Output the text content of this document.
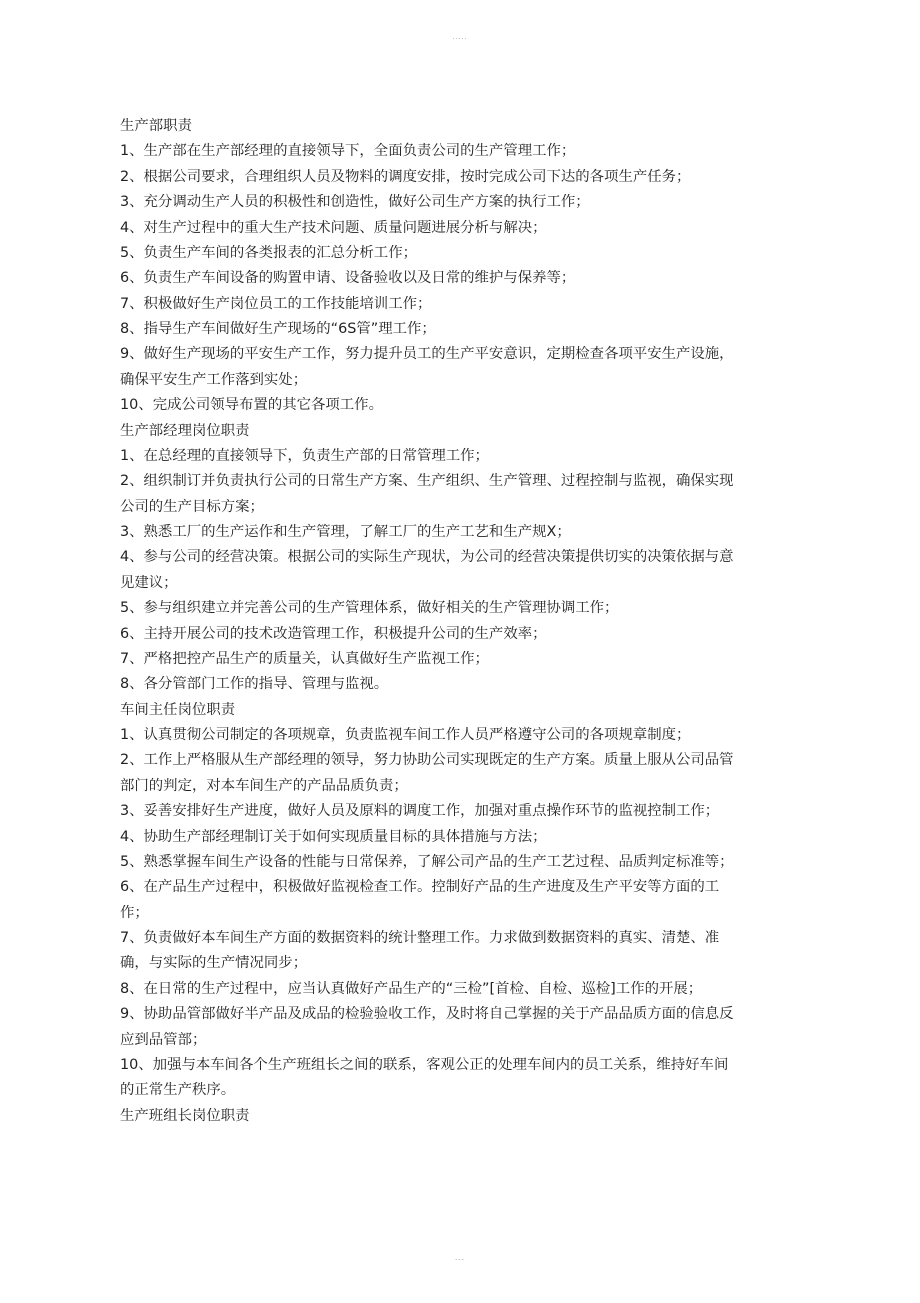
.....

生产部职责

1、生产部在生产部经理的直接领导下，全面负责公司的生产管理工作；

2、根据公司要求，合理组织人员及物料的调度安排，按时完成公司下达的各项生产任务；

3、充分调动生产人员的积极性和创造性，做好公司生产方案的执行工作；

4、对生产过程中的重大生产技术问题、质量问题进展分析与解决；

5、负责生产车间的各类报表的汇总分析工作；

6、负责生产车间设备的购置申请、设备验收以及日常的维护与保养等；

7、积极做好生产岗位员工的工作技能培训工作；

8、指导生产车间做好生产现场的“6S管”理工作；

9、做好生产现场的平安生产工作，努力提升员工的生产平安意识，定期检查各项平安生产设施，确保平安生产工作落到实处；

10、完成公司领导布置的其它各项工作。

生产部经理岗位职责

1、在总经理的直接领导下，负责生产部的日常管理工作；

2、组织制订并负责执行公司的日常生产方案、生产组织、生产管理、过程控制与监视，确保实现公司的生产目标方案；

3、熟悉工厂的生产运作和生产管理，了解工厂的生产工艺和生产规X；

4、参与公司的经营决策。根据公司的实际生产现状，为公司的经营决策提供切实的决策依据与意见建议；

5、参与组织建立并完善公司的生产管理体系，做好相关的生产管理协调工作；

6、主持开展公司的技术改造管理工作，积极提升公司的生产效率；

7、严格把控产品生产的质量关，认真做好生产监视工作；

8、各分管部门工作的指导、管理与监视。

车间主任岗位职责

1、认真贯彻公司制定的各项规章，负责监视车间工作人员严格遵守公司的各项规章制度；

2、工作上严格服从生产部经理的领导，努力协助公司实现既定的生产方案。质量上服从公司品管部门的判定，对本车间生产的产品品质负责；

3、妥善安排好生产进度，做好人员及原料的调度工作，加强对重点操作环节的监视控制工作；

4、协助生产部经理制订关于如何实现质量目标的具体措施与方法；

5、熟悉掌握车间生产设备的性能与日常保养，了解公司产品的生产工艺过程、品质判定标准等；

6、在产品生产过程中，积极做好监视检查工作。控制好产品的生产进度及生产平安等方面的工作；

7、负责做好本车间生产方面的数据资料的统计整理工作。力求做到数据资料的真实、清楚、准确，与实际的生产情况同步；

8、在日常的生产过程中，应当认真做好产品生产的“三检”[首检、自检、巡检]工作的开展；

9、协助品管部做好半产品及成品的检验验收工作，及时将自己掌握的关于产品品质方面的信息反应到品管部；

10、加强与本车间各个生产班组长之间的联系，客观公正的处理车间内的员工关系，维持好车间的正常生产秩序。

生产班组长岗位职责

---
